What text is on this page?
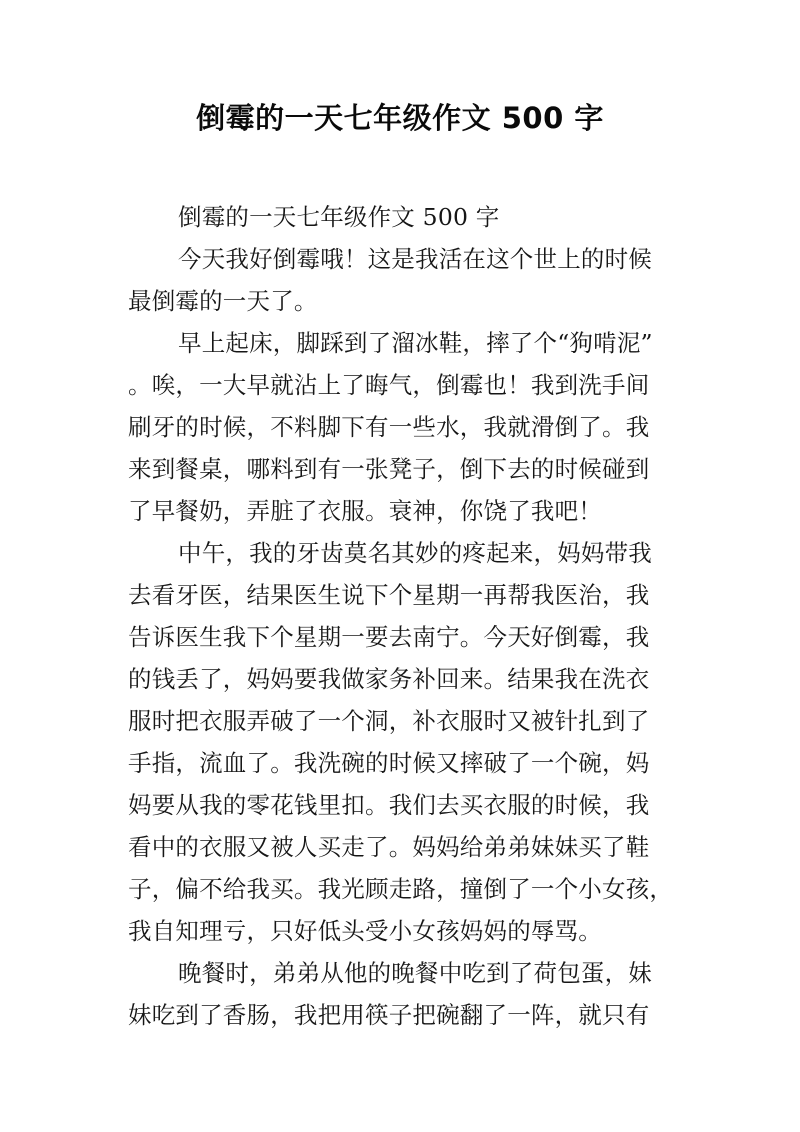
倒霉的一天七年级作文 500 字
倒霉的一天七年级作文 500 字
今天我好倒霉哦！这是我活在这个世上的时候
最倒霉的一天了。
早上起床，脚踩到了溜冰鞋，摔了个“狗啃泥”
。唉，一大早就沾上了晦气，倒霉也！我到洗手间
刷牙的时候，不料脚下有一些水，我就滑倒了。我
来到餐桌，哪料到有一张凳子，倒下去的时候碰到
了早餐奶，弄脏了衣服。衰神，你饶了我吧！
中午，我的牙齿莫名其妙的疼起来，妈妈带我
去看牙医，结果医生说下个星期一再帮我医治，我
告诉医生我下个星期一要去南宁。今天好倒霉，我
的钱丢了，妈妈要我做家务补回来。结果我在洗衣
服时把衣服弄破了一个洞，补衣服时又被针扎到了
手指，流血了。我洗碗的时候又摔破了一个碗，妈
妈要从我的零花钱里扣。我们去买衣服的时候，我
看中的衣服又被人买走了。妈妈给弟弟妹妹买了鞋
子，偏不给我买。我光顾走路，撞倒了一个小女孩，
我自知理亏，只好低头受小女孩妈妈的辱骂。
晚餐时，弟弟从他的晚餐中吃到了荷包蛋，妹
妹吃到了香肠，我把用筷子把碗翻了一阵，就只有
